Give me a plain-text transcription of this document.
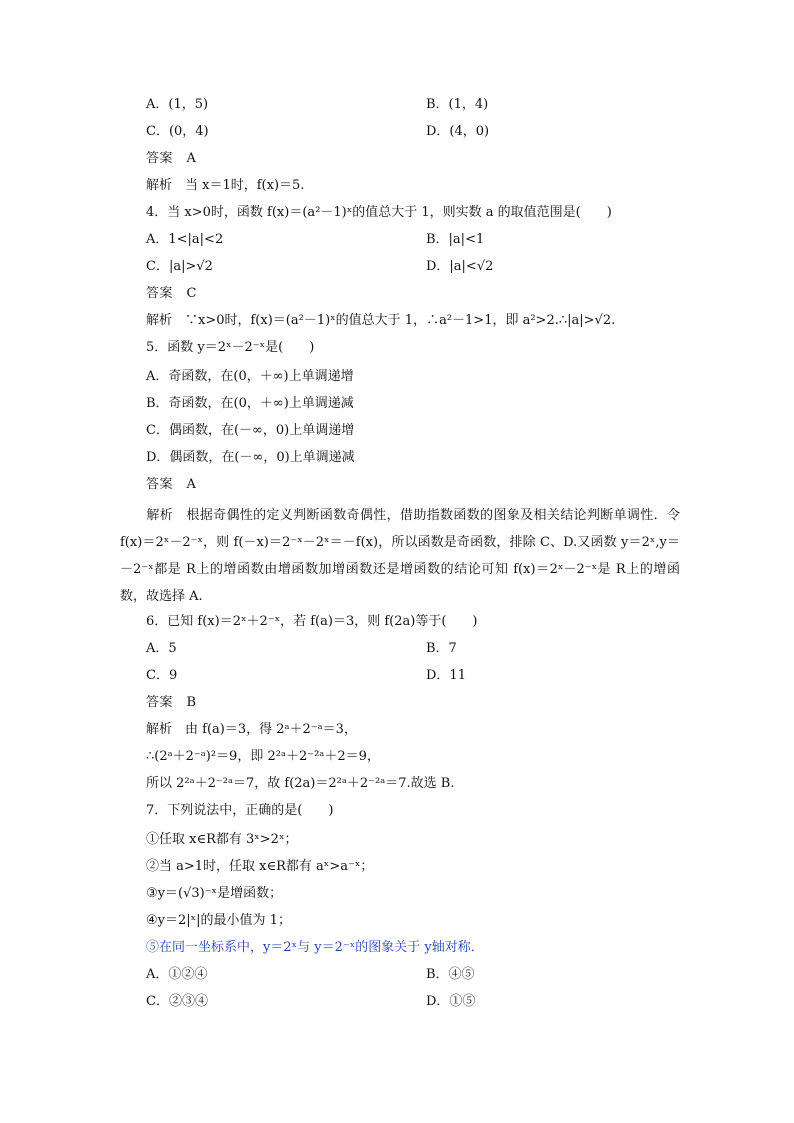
A．(1，5)	B．(1，4)
C．(0，4)	D．(4，0)
答案　A
解析　当 x＝1时，f(x)＝5.
4．当 x>0时，函数 f(x)＝(a²－1)ˣ的值总大于 1，则实数 a 的取值范围是(　　)
A．1<|a|<2	B．|a|<1
C．|a|>√2	D．|a|<√2
答案　C
解析　∵x>0时，f(x)＝(a²－1)ˣ的值总大于 1，∴a²－1>1，即 a²>2.∴|a|>√2.
5．函数 y＝2ˣ－2⁻ˣ是(　　)
A．奇函数，在(0，＋∞)上单调递增
B．奇函数，在(0，＋∞)上单调递减
C．偶函数，在(－∞，0)上单调递增
D．偶函数，在(－∞，0)上单调递减
答案　A
解析　根据奇偶性的定义判断函数奇偶性，借助指数函数的图象及相关结论判断单调性．令 f(x)＝2ˣ－2⁻ˣ，则 f(－x)＝2⁻ˣ－2ˣ＝－f(x)，所以函数是奇函数，排除 C、D.又函数 y＝2ˣ,y＝－2⁻ˣ都是 R上的增函数由增函数加增函数还是增函数的结论可知 f(x)＝2ˣ－2⁻ˣ是 R上的增函数，故选择 A.
6．已知 f(x)＝2ˣ＋2⁻ˣ，若 f(a)＝3，则 f(2a)等于(　　)
A．5	B．7
C．9	D．11
答案　B
解析　由 f(a)＝3，得 2ᵃ＋2⁻ᵃ＝3，
∴(2ᵃ＋2⁻ᵃ)²＝9，即 2²ᵃ＋2⁻²ᵃ＋2＝9，
所以 2²ᵃ＋2⁻²ᵃ＝7，故 f(2a)＝2²ᵃ＋2⁻²ᵃ＝7.故选 B.
7．下列说法中，正确的是(　　)
①任取 x∈R都有 3ˣ>2ˣ；
②当 a>1时，任取 x∈R都有 aˣ>a⁻ˣ；
③y＝(√3)⁻ˣ是增函数；
④y＝2|ˣ|的最小值为 1；
⑤在同一坐标系中，y＝2ˣ与 y＝2⁻ˣ的图象关于 y轴对称．
A．①②④	B．④⑤
C．②③④	D．①⑤
